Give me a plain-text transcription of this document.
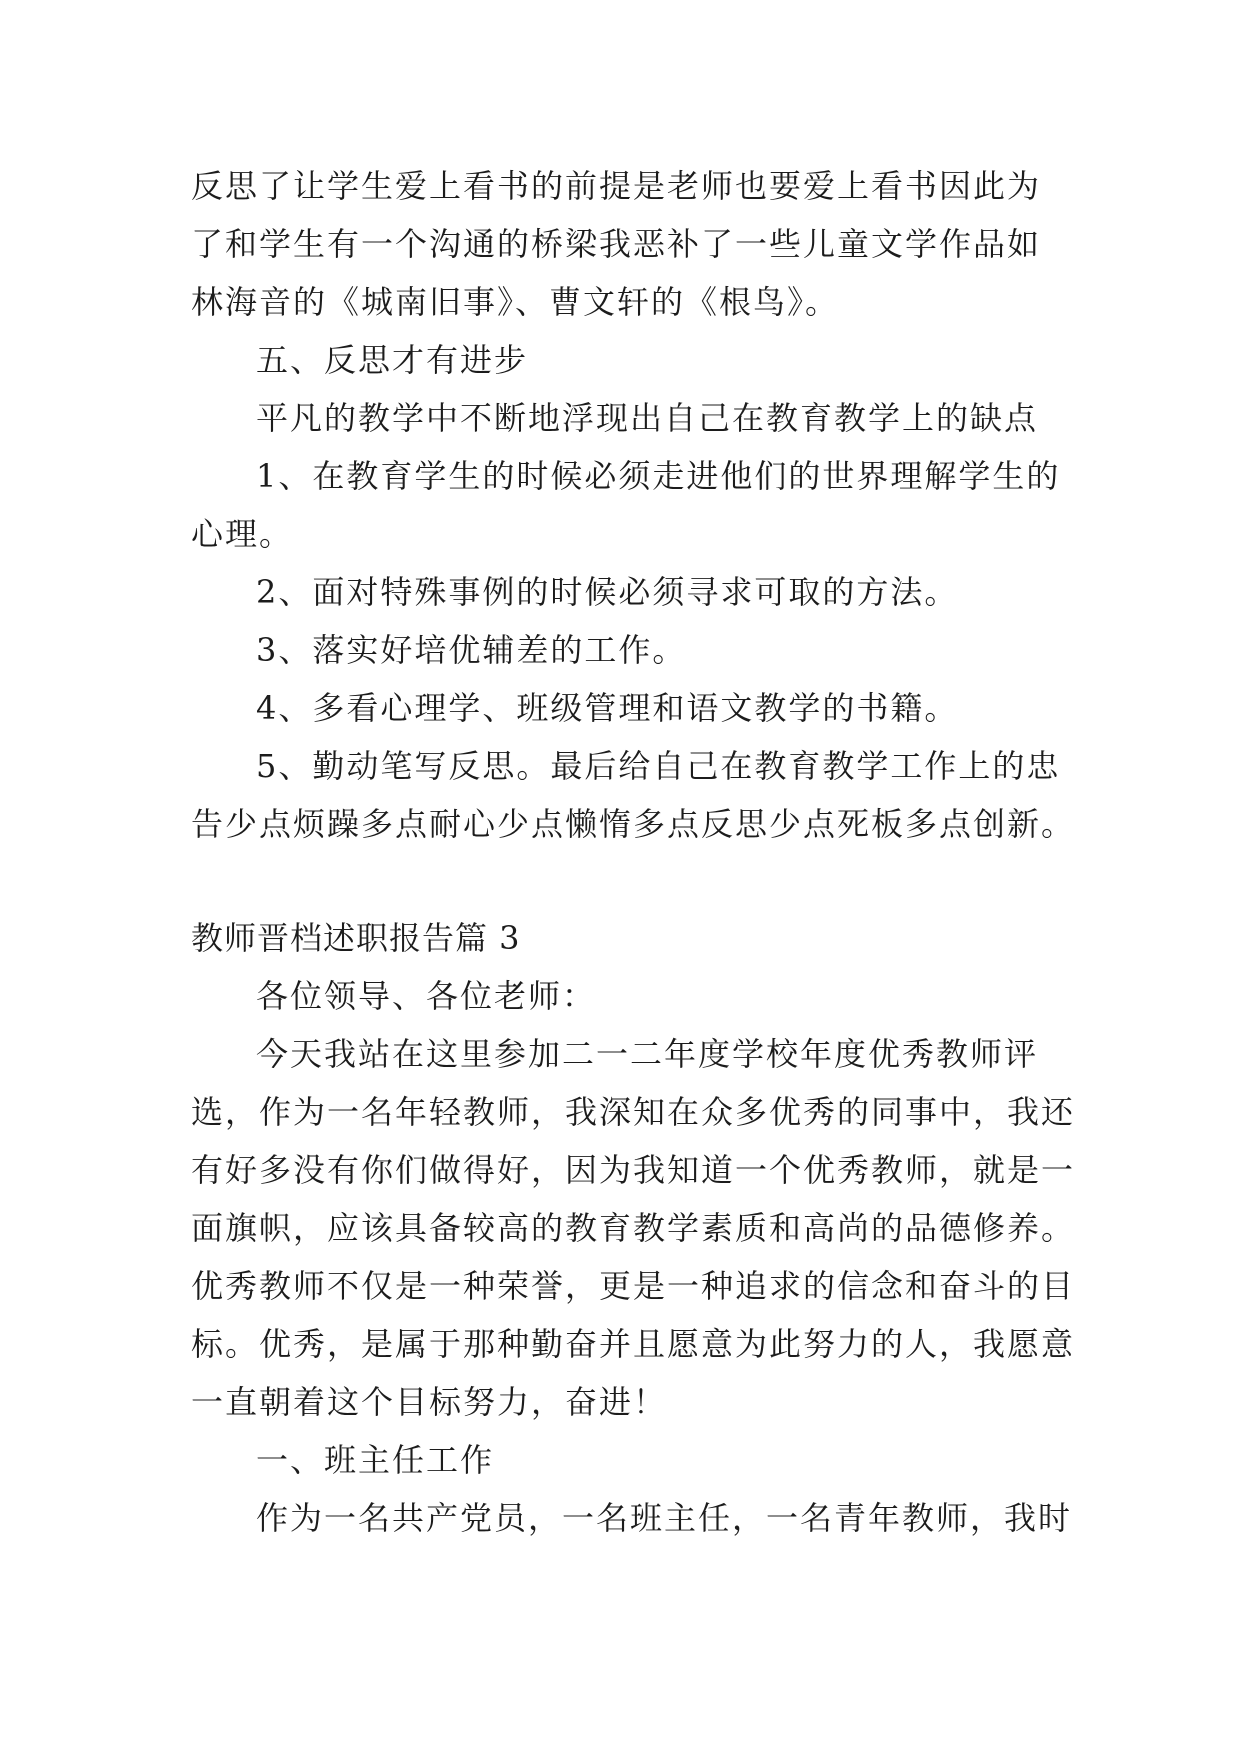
反思了让学生爱上看书的前提是老师也要爱上看书因此为
了和学生有一个沟通的桥梁我恶补了一些儿童文学作品如
林海音的《城南旧事》、曹文轩的《根鸟》。
五、反思才有进步
平凡的教学中不断地浮现出自己在教育教学上的缺点
1、在教育学生的时候必须走进他们的世界理解学生的
心理。
2、面对特殊事例的时候必须寻求可取的方法。
3、落实好培优辅差的工作。
4、多看心理学、班级管理和语文教学的书籍。
5、勤动笔写反思。最后给自己在教育教学工作上的忠
告少点烦躁多点耐心少点懒惰多点反思少点死板多点创新。
教师晋档述职报告篇 3
各位领导、各位老师：
今天我站在这里参加二一二年度学校年度优秀教师评
选，作为一名年轻教师，我深知在众多优秀的同事中，我还
有好多没有你们做得好，因为我知道一个优秀教师，就是一
面旗帜，应该具备较高的教育教学素质和高尚的品德修养。
优秀教师不仅是一种荣誉，更是一种追求的信念和奋斗的目
标。优秀，是属于那种勤奋并且愿意为此努力的人，我愿意
一直朝着这个目标努力，奋进！
一、班主任工作
作为一名共产党员，一名班主任，一名青年教师，我时
